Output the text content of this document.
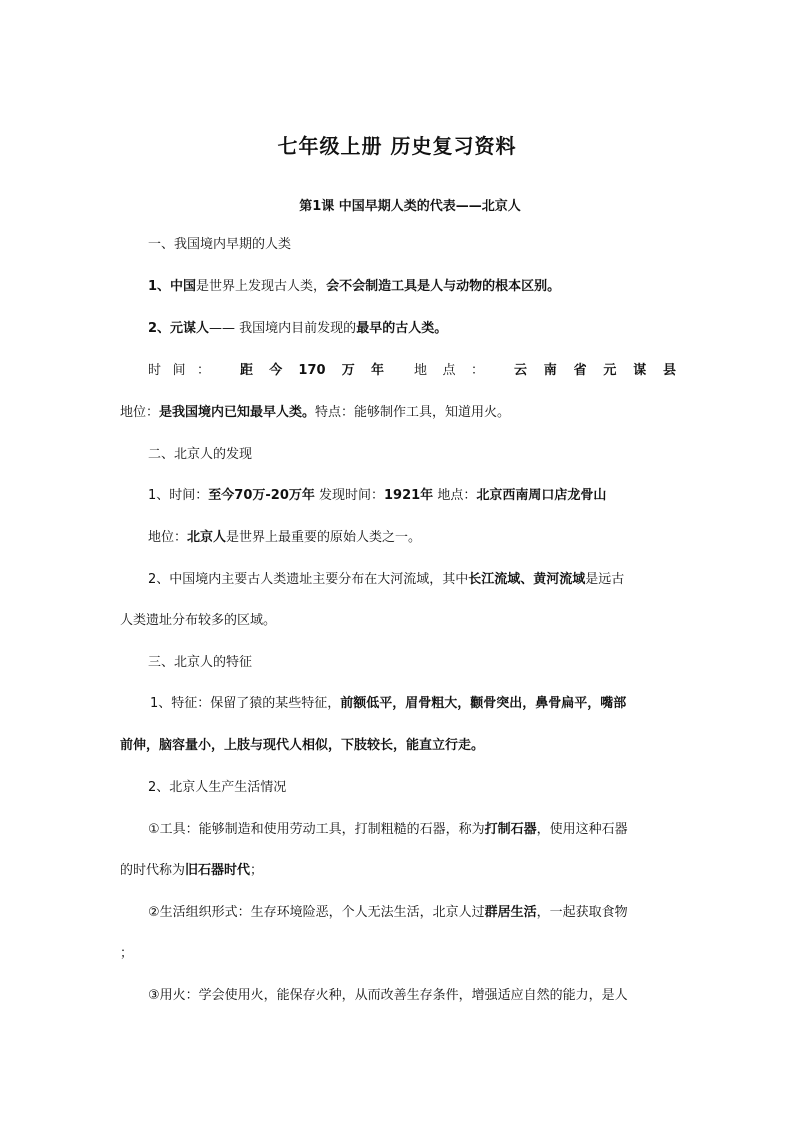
七年级上册 历史复习资料
第1课 中国早期人类的代表——北京人
一、我国境内早期的人类
1、中国是世界上发现古人类，会不会制造工具是人与动物的根本区别。
2、元谋人—— 我国境内目前发现的最早的古人类。
时 间 ： 距 今 170 万 年 地 点 ： 云 南 省 元 谋 县
地位：是我国境内已知最早人类。特点：能够制作工具，知道用火。
二、北京人的发现
1、时间：至今70万-20万年 发现时间：1921年 地点：北京西南周口店龙骨山
地位：北京人是世界上最重要的原始人类之一。
2、中国境内主要古人类遗址主要分布在大河流域，其中长江流域、黄河流域是远古
人类遗址分布较多的区域。
三、北京人的特征
1、特征：保留了猿的某些特征，前额低平，眉骨粗大，颧骨突出，鼻骨扁平，嘴部
前伸，脑容量小，上肢与现代人相似，下肢较长，能直立行走。
2、北京人生产生活情况
①工具：能够制造和使用劳动工具，打制粗糙的石器，称为打制石器，使用这种石器
的时代称为旧石器时代；
②生活组织形式：生存环境险恶，个人无法生活，北京人过群居生活，一起获取食物
；
③用火：学会使用火，能保存火种，从而改善生存条件，增强适应自然的能力，是人
